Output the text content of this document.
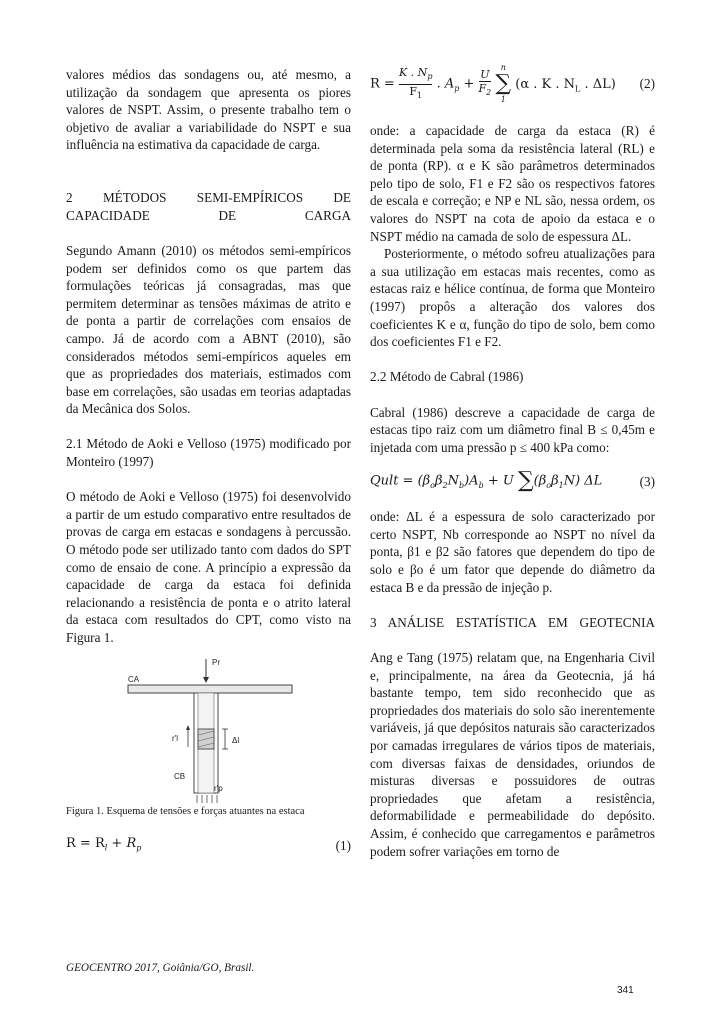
valores médios das sondagens ou, até mesmo, a utilização da sondagem que apresenta os piores valores de NSPT. Assim, o presente trabalho tem o objetivo de avaliar a variabilidade do NSPT e sua influência na estimativa da capacidade de carga.

2 MÉTODOS SEMI-EMPÍRICOS DE CAPACIDADE DE CARGA

Segundo Amann (2010) os métodos semi-empíricos podem ser definidos como os que partem das formulações teóricas já consagradas, mas que permitem determinar as tensões máximas de atrito e de ponta a partir de correlações com ensaios de campo. Já de acordo com a ABNT (2010), são considerados métodos semi-empíricos aqueles em que as propriedades dos materiais, estimados com base em correlações, são usadas em teorias adaptadas da Mecânica dos Solos.

2.1 Método de Aoki e Velloso (1975) modificado por Monteiro (1997)

O método de Aoki e Velloso (1975) foi desenvolvido a partir de um estudo comparativo entre resultados de provas de carga em estacas e sondagens à percussão. O método pode ser utilizado tanto com dados do SPT como de ensaio de cone. A princípio a expressão da capacidade de carga da estaca foi definida relacionando a resistência de ponta e o atrito lateral da estaca com resultados do CPT, como visto na Figura 1.

Pr
CA
r'l	Δl
CB
r'p

Figura 1. Esquema de tensões e forças atuantes na estaca

$R = R_l + R_p$	(1)
$R = \frac{K . N_p}{F_1}$ . $A_p + \frac{U}{F_2}$

n
∑
1
(α . K . $N_L$ . ΔL) (2)

onde: a capacidade de carga da estaca (R) é determinada pela soma da resistência lateral (RL) e de ponta (RP). α e K são parâmetros determinados pelo tipo de solo, F1 e F2 são os respectivos fatores de escala e correção; e NP e NL são, nessa ordem, os valores do NSPT na cota de apoio da estaca e o NSPT médio na camada de solo de espessura ΔL.

Posteriormente, o método sofreu atualizações para a sua utilização em estacas mais recentes, como as estacas raiz e hélice contínua, de forma que Monteiro (1997) propôs a alteração dos valores dos coeficientes K e α, função do tipo de solo, bem como dos coeficientes F1 e F2.

2.2 Método de Cabral (1986)

Cabral (1986) descreve a capacidade de carga de estacas tipo raiz com um diâmetro final B ≤ 0,45m e injetada com uma pressão p ≤ 400 kPa como:

Qult = $(\beta_o\beta_2N_b)A_b + U$ ∑ $(\beta_o\beta_1N)$ ΔL	(3)

onde: ΔL é a espessura de solo caracterizado por certo NSPT, Nb corresponde ao NSPT no nível da ponta, β1 e β2 são fatores que dependem do tipo de solo e βo é um fator que depende do diâmetro da estaca B e da pressão de injeção p.

3 ANÁLISE ESTATÍSTICA EM GEOTECNIA

Ang e Tang (1975) relatam que, na Engenharia Civil e, principalmente, na área da Geotecnia, já há bastante tempo, tem sido reconhecido que as propriedades dos materiais do solo são inerentemente variáveis, já que depósitos naturais são caracterizados por camadas irregulares de vários tipos de materiais, com diversas faixas de densidades, oriundos de misturas diversas e possuidores de outras propriedades que afetam a resistência, deformabilidade e permeabilidade do depósito. Assim, é conhecido que carregamentos e parâmetros podem sofrer variações em torno de

GEOCENTRO 2017, Goiânia/GO, Brasil.
341
